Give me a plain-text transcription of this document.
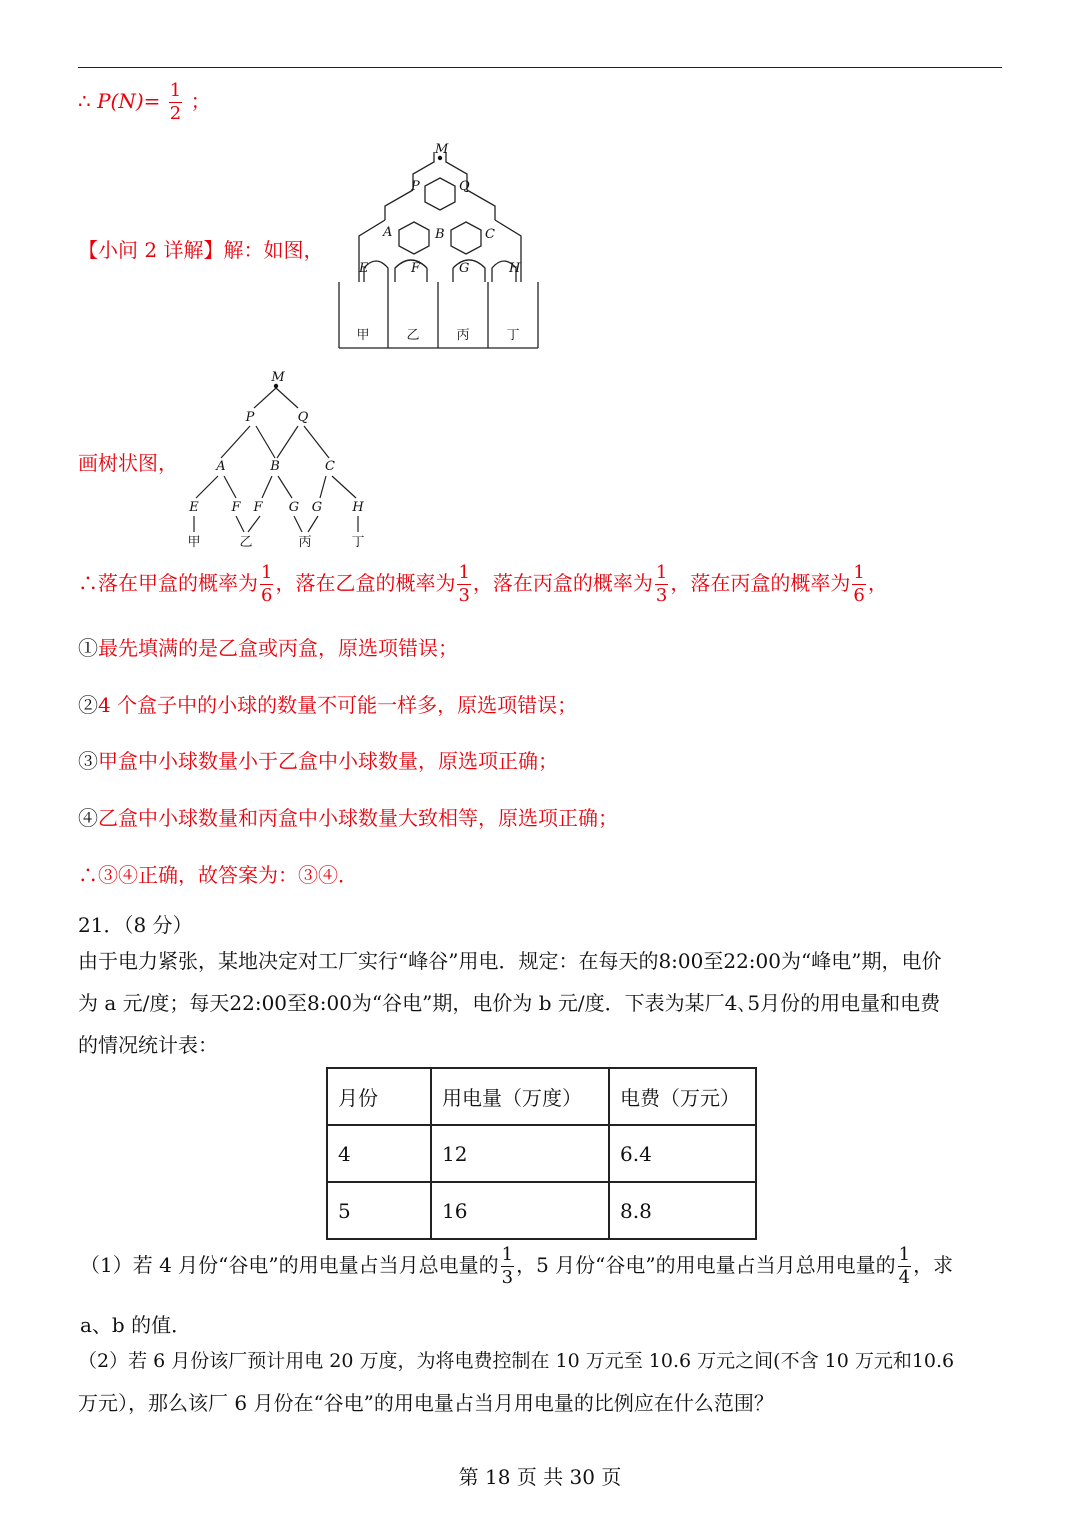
∴ $P(N)= \frac{1}{2}$ ；
【小问 2 详解】解：如图，
M
P	Q
A	B	C
E	F	G	H
甲	乙	丙	丁
画树状图，
M
P	Q
A	B	C
E	F F G G H
甲	乙	丙	丁
∴落在甲盒的概率为 $\frac{1}{6}$ ，落在乙盒的概率为 $\frac{1}{3}$ ，落在丙盒的概率为 $\frac{1}{3}$ ，落在丙盒的概率为 $\frac{1}{6}$ ，
①最先填满的是乙盒或丙盒，原选项错误；
②4 个盒子中的小球的数量不可能一样多，原选项错误；
③甲盒中小球数量小于乙盒中小球数量，原选项正确；
④乙盒中小球数量和丙盒中小球数量大致相等，原选项正确；
∴③④正确，故答案为：③④．
21．（8 分）
由于电力紧张，某地决定对工厂实行“峰谷”用电．规定：在每天的8:00至22:00为“峰电”期，电价
为 a 元/度；每天22:00至8:00为“谷电”期，电价为 b 元/度．下表为某厂4､5月份的用电量和电费
的情况统计表：
月份	用电量（万度）	电费（万元）
4	12	6.4
5	16	8.8
（1）若 4 月份“谷电”的用电量占当月总电量的 $\frac{1}{3}$ ，5 月份“谷电”的用电量占当月总用电量的 $\frac{1}{4}$ ，求
a、b 的值．
（2）若 6 月份该厂预计用电 20 万度，为将电费控制在 10 万元至 10.6 万元之间(不含 10 万元和10.6
万元），那么该厂 6 月份在“谷电”的用电量占当月用电量的比例应在什么范围？
第 18 页 共 30 页
